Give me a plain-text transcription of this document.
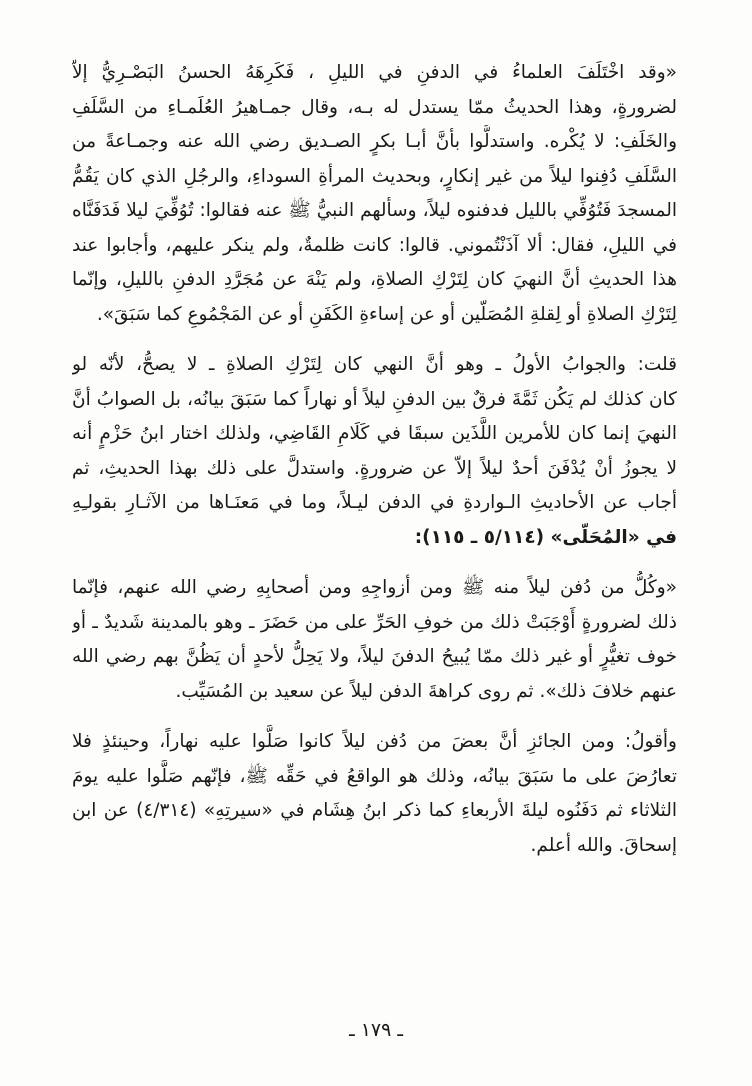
«وقد اخْتَلَفَ العلماءُ في الدفنِ في الليلِ ، فَكَرِهَهُ الحسنُ البَصْـرِيُّ إلاّ
لضرورةٍ، وهذا الحديثُ ممّا يستدل له بـه، وقال جمـاهيرُ العُلَمـاءِ من السَّلَفِ
والخَلَفِ: لا يُكْره. واستدلُّوا بأنَّ أبـا بكرٍ الصـديق رضي الله عنه وجمـاعةً من
السَّلَفِ دُفِنوا ليلاً من غير إنكارٍ، وبحديث المرأةِ السوداءِ، والرجُلِ الذي كان يَقُمُّ
المسجدَ فَتُوُفِّي بالليل فدفنوه ليلاً، وسألهم النبيُّ ﷺ عنه فقالوا: تُوُفِّيَ ليلا فَدَفَنَّاه
في الليلِ، فقال: ألا آذَنْتُموني. قالوا: كانت ظلمةٌ، ولم ينكر عليهم، وأجابوا عند
هذا الحديثِ أنَّ النهيَ كان لِتَرْكِ الصلاةِ، ولم يَنْهَ عن مُجَرَّدِ الدفنِ بالليلِ، وإنّما
لِتَرْكِ الصلاةِ أو لِقلةِ المُصَلّين أو عن إساءةِ الكَفَنِ أو عن المَجْمُوعِ كما سَبَقَ».

قلت: والجوابُ الأولُ ـ وهو أنَّ النهي كان لِتَرْكِ الصلاةِ ـ لا يصحُّ، لأنّه لو
كان كذلك لم يَكُن ثَمَّةَ فرقٌ بين الدفنِ ليلاً أو نهاراً كما سَبَقَ بيانُه، بل الصوابُ أنَّ
النهيَ إنما كان للأمرين اللَّذَين سبقَا في كَلَامِ القَاضِي، ولذلك اختار ابنُ حَزْمٍ أنه
لا يجوزُ أنْ يُدْفَنَ أحدٌ ليلاً إلاّ عن ضرورةٍ. واستدلَّ على ذلك بهذا الحديثِ، ثم
أجاب عن الأحاديثِ الـواردةِ في الدفن ليـلاً، وما في مَعنَـاها من الآثـارِ بقولـِهِ
في «المُحَلّى» (٥/١١٤ ـ ١١٥):

«وكُلُّ من دُفن ليلاً منه ﷺ ومن أزواجِهِ ومن أصحابِهِ رضي الله عنهم، فإنّما
ذلك لضرورةٍ أَوْجَبَتْ ذلك من خوفِ الحَرِّ على من حَضَرَ ـ وهو بالمدينة شَديدٌ ـ أو
خوف تغيُّرٍ أو غير ذلك ممّا يُبيحُ الدفنَ ليلاً، ولا يَحِلُّ لأحدٍ أن يَظُنَّ بهم رضي الله
عنهم خلافَ ذلك». ثم روى كراهةَ الدفن ليلاً عن سعيد بن المُسَيِّب.

وأقولُ: ومن الجائزِ أنَّ بعضَ من دُفن ليلاً كانوا صَلَّوا عليه نهاراً، وحينئذٍ فلا
تعارُضَ على ما سَبَقَ بيانُه، وذلك هو الواقعُ في حَقِّه ﷺ، فإنّهم صَلَّوا عليه يومَ
الثلاثاء ثم دَفَنُوه ليلةَ الأربعاءِ كما ذكر ابنُ هِشَام في «سيرتِهِ» (٤/٣١٤) عن ابن
إسحاقَ. والله أعلم.

ـ ١٧٩ ـ
